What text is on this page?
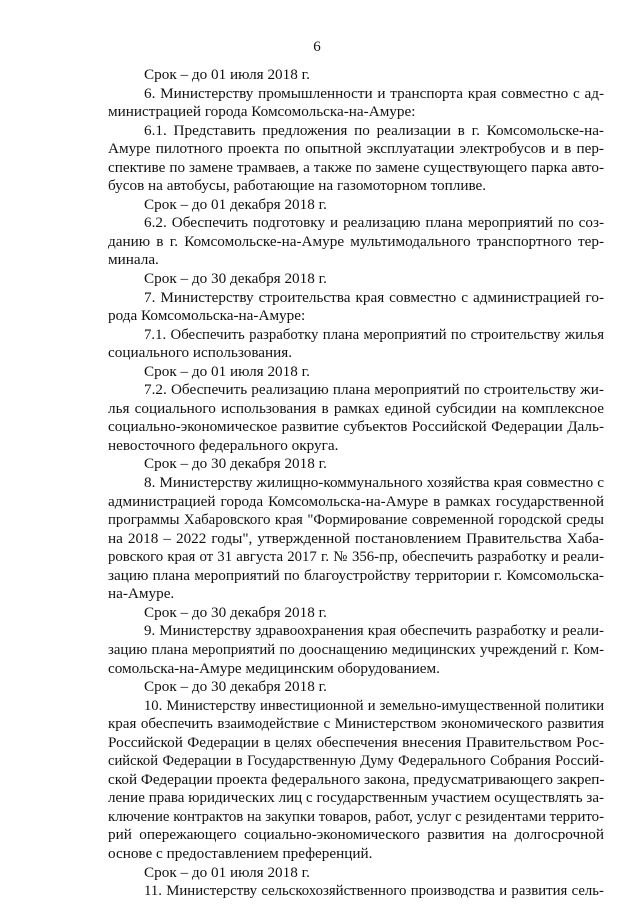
6
Срок – до 01 июля 2018 г.
6. Министерству промышленности и транспорта края совместно с ад-
министрацией города Комсомольска-на-Амуре:
6.1. Представить предложения по реализации в г. Комсомольске-на-
Амуре пилотного проекта по опытной эксплуатации электробусов и в пер-
спективе по замене трамваев, а также по замене существующего парка авто-
бусов на автобусы, работающие на газомоторном топливе.
Срок – до 01 декабря 2018 г.
6.2. Обеспечить подготовку и реализацию плана мероприятий по соз-
данию в г. Комсомольске-на-Амуре мультимодального транспортного тер-
минала.
Срок – до 30 декабря 2018 г.
7. Министерству строительства края совместно с администрацией го-
рода Комсомольска-на-Амуре:
7.1. Обеспечить разработку плана мероприятий по строительству жилья
социального использования.
Срок – до 01 июля 2018 г.
7.2. Обеспечить реализацию плана мероприятий по строительству жи-
лья социального использования в рамках единой субсидии на комплексное
социально-экономическое развитие субъектов Российской Федерации Даль-
невосточного федерального округа.
Срок – до 30 декабря 2018 г.
8. Министерству жилищно-коммунального хозяйства края совместно с
администрацией города Комсомольска-на-Амуре в рамках государственной
программы Хабаровского края "Формирование современной городской среды
на 2018 – 2022 годы", утвержденной постановлением Правительства Хаба-
ровского края от 31 августа 2017 г. № 356-пр, обеспечить разработку и реали-
зацию плана мероприятий по благоустройству территории г. Комсомольска-
на-Амуре.
Срок – до 30 декабря 2018 г.
9. Министерству здравоохранения края обеспечить разработку и реали-
зацию плана мероприятий по дооснащению медицинских учреждений г. Ком-
сомольска-на-Амуре медицинским оборудованием.
Срок – до 30 декабря 2018 г.
10. Министерству инвестиционной и земельно-имущественной политики
края обеспечить взаимодействие с Министерством экономического развития
Российской Федерации в целях обеспечения внесения Правительством Рос-
сийской Федерации в Государственную Думу Федерального Собрания Россий-
ской Федерации проекта федерального закона, предусматривающего закреп-
ление права юридических лиц с государственным участием осуществлять за-
ключение контрактов на закупки товаров, работ, услуг с резидентами террито-
рий опережающего социально-экономического развития на долгосрочной
основе с предоставлением преференций.
Срок – до 01 июля 2018 г.
11. Министерству сельскохозяйственного производства и развития сель-
